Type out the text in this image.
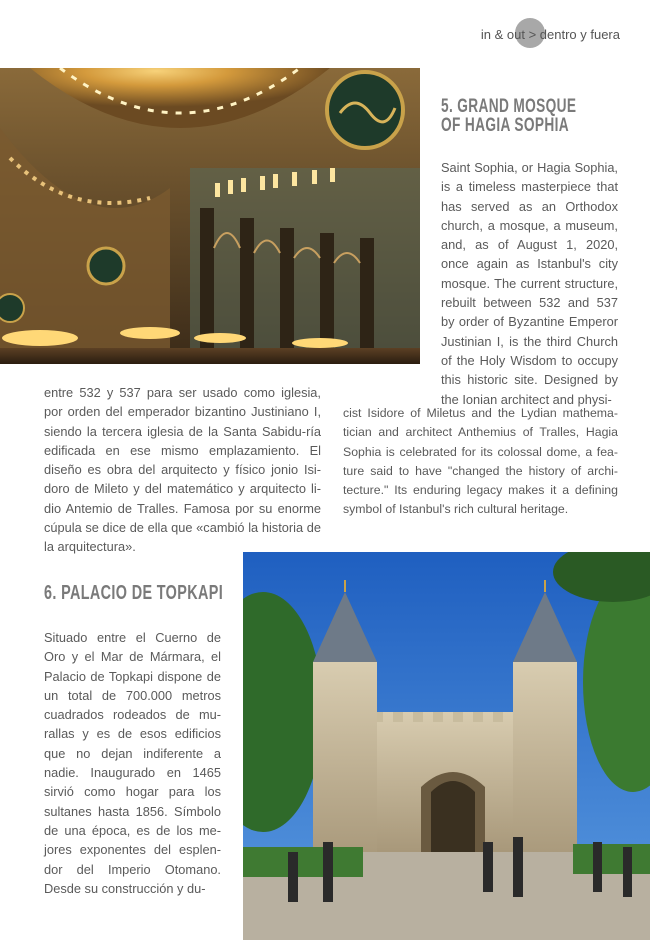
in & out > dentro y fuera
5. GRAND MOSQUE
OF HAGIA SOPHIA
Saint Sophia, or Hagia Sophia, is a timeless masterpiece that has served as an Orthodox church, a mosque, a museum, and, as of August 1, 2020, once again as Istanbul's city mosque. The current structure, rebuilt between 532 and 537 by order of Byzantine Emperor Justinian I, is the third Church of the Holy Wisdom to occupy this historic site. Designed by the Ionian architect and physi-
cist Isidore of Miletus and the Lydian mathema-tician and architect Anthemius of Tralles, Hagia Sophia is celebrated for its colossal dome, a fea-ture said to have "changed the history of archi-tecture." Its enduring legacy makes it a defining symbol of Istanbul's rich cultural heritage.
entre 532 y 537 para ser usado como iglesia, por orden del emperador bizantino Justiniano I, siendo la tercera iglesia de la Santa Sabidu-ría edificada en ese mismo emplazamiento. El diseño es obra del arquitecto y físico jonio Isi-doro de Mileto y del matemático y arquitecto li-dio Antemio de Tralles. Famosa por su enorme cúpula se dice de ella que «cambió la historia de la arquitectura».
6. PALACIO DE TOPKAPI
Situado entre el Cuerno de Oro y el Mar de Mármara, el Palacio de Topkapi dispone de un total de 700.000 metros cuadrados rodeados de mu-rallas y es de esos edificios que no dejan indiferente a nadie. Inaugurado en 1465 sirvió como hogar para los sultanes hasta 1856. Símbolo de una época, es de los me-jores exponentes del esplen-dor del Imperio Otomano. Desde su construcción y du-
